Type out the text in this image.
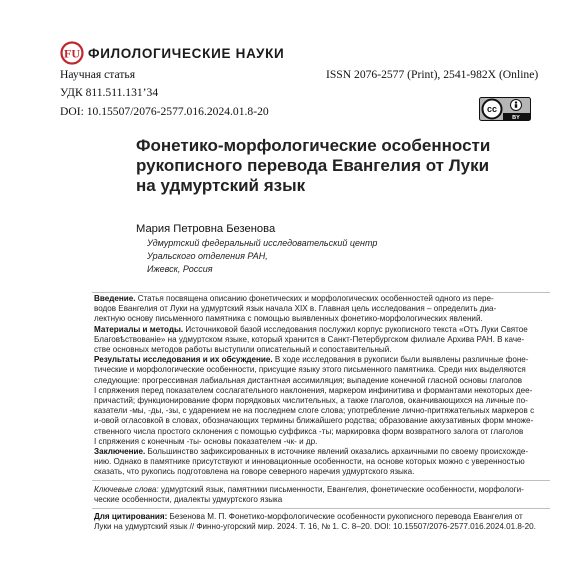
FU ФИЛОЛОГИЧЕСКИЕ НАУКИ
Научная статья	ISSN 2076-2577 (Print), 2541-982X (Online)
УДК 811.511.131’34
DOI: 10.15507/2076-2577.016.2024.01.8-20	cc
BY
Фонетико-морфологические особенности
рукописного перевода Евангелия от Луки
на удмуртский язык
Мария Петровна Безенова
Удмуртский федеральный исследовательский центр
Уральского отделения РАН,
Ижевск, Россия
Введение. Статья посвящена описанию фонетических и морфологических особенностей одного из пере-
водов Евангелия от Луки на удмуртский язык начала XIX в. Главная цель исследования – определить диа-
лектную основу письменного памятника с помощью выявленных фонетико-морфологических явлений.
Материалы и методы. Источниковой базой исследования послужил корпус рукописного текста «Отъ Луки Святое
Благовѣствованiе» на удмуртском языке, который хранится в Санкт-Петербургском филиале Архива РАН. В каче-
стве основных методов работы выступили описательный и сопоставительный.
Результаты исследования и их обсуждение. В ходе исследования в рукописи были выявлены различные фоне-
тические и морфологические особенности, присущие языку этого письменного памятника. Среди них выделяются
следующие: прогрессивная лабиальная дистантная ассимиляция; выпадение конечной гласной основы глаголов
I спряжения перед показателем сослагательного наклонения, маркером инфинитива и формантами некоторых дее-
причастий; функционирование форм порядковых числительных, а также глаголов, оканчивающихся на личные по-
казатели -мы, -ды, -зы, с ударением не на последнем слоге слова; употребление лично-притяжательных маркеров с
и-овой огласовкой в словах, обозначающих термины ближайшего родства; образование аккузативных форм множе-
ственного числа простого склонения с помощью суффикса -ты; маркировка форм возвратного залога от глаголов
I спряжения с конечным -ты- основы показателем -чк- и др.
Заключение. Большинство зафиксированных в источнике явлений оказались архаичными по своему происхожде-
нию. Однако в памятнике присутствуют и инновационные особенности, на основе которых можно с уверенностью
сказать, что рукопись подготовлена на говоре северного наречия удмуртского языка.
Ключевые слова: удмуртский язык, памятники письменности, Евангелия, фонетические особенности, морфологи-
ческие особенности, диалекты удмуртского языка
Для цитирования: Безенова М. П. Фонетико-морфологические особенности рукописного перевода Евангелия от
Луки на удмуртский язык // Финно-угорский мир. 2024. Т. 16, № 1. С. 8–20. DOI: 10.15507/2076-2577.016.2024.01.8-20.
